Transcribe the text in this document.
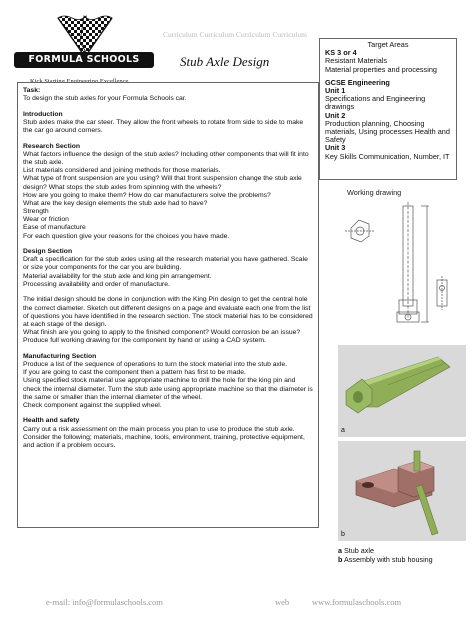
FORMULA SCHOOLS
Curriculum Curriculum Curriculum Curriculum
Stub Axle Design
Target Areas
KS 3 or 4
Resistant Materials
Material properties and processing
GCSE Engineering
Unit 1
Specifications and Engineering drawings
Unit 2
Production planning, Choosing materials, Using processes Health and Safety
Unit 3
Key Skills Communication, Number, IT

Task:

To design the stub axles for your Formula Schools car.

Introduction

Stub axles make the car steer. They allow the front wheels to rotate from side to side to make the car go around corners.

Research Section

What factors influence the design of the stub axles? Including other components that will fit into the stub axle.
List materials considered and joining methods for those materials.
What type of front suspension are you using? Will that front suspension change the stub axle design? What stops the stub axles from spinning with the wheels?
How are you going to make them? How do car manufacturers solve the problems?
What are the key design elements the stub axle had to have?
Strength
Wear or friction
Ease of manufacture
For each question give your reasons for the choices you have made.

Design Section

Draft a specification for the stub axles using all the research material you have gathered. Scale or size your components for the car you are building.
Material availability for the stub axle and king pin arrangement.
Processing availability and order of manufacture.

The initial design should be done in conjunction with the King Pin design to get the central hole the correct diameter. Sketch out different designs on a page and evaluate each one from the list of questions you have identified in the research section. The stock material has to be considered at each stage of the design.
What finish are you going to apply to the finished component? Would corrosion be an issue?
Produce full working drawing for the component by hand or using a CAD system.

Manufacturing Section

Produce a list of the sequence of operations to turn the stock material into the stub axle.
If you are going to cast the component then a pattern has first to be made.
Using specified stock material use appropriate machine to drill the hole for the king pin and check the internal diameter. Turn the stub axle using appropriate machine so that the diameter is the same or smaller than the internal diameter of the wheel.
Check component against the supplied wheel.

Health and safety

Carry out a risk assessment on the main process you plan to use to produce the stub axle. Consider the following; materials, machine, tools, environment, training, protective equipment, and action if a problem occurs.

Working drawing
a
b
a Stub axle
b Assembly with stub housing
e-mail: info@formulaschools.com	web	www.formulaschools.com
